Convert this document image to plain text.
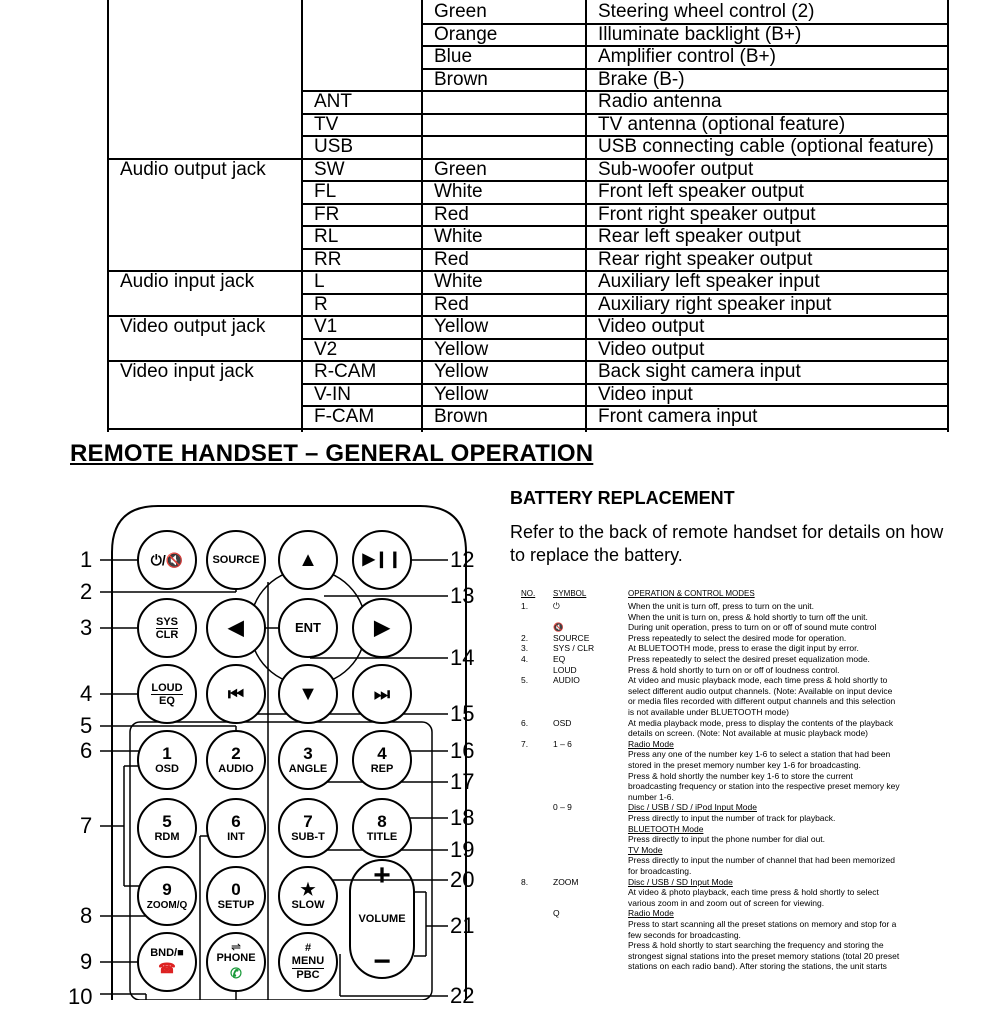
Green	Steering wheel control (2)
Orange	Illuminate backlight (B+)
Blue	Amplifier control (B+)
Brown	Brake (B-)
ANT	Radio antenna
TV	TV antenna (optional feature)
USB	USB connecting cable (optional feature)
Audio output jack	SW	Green	Sub-woofer output
FL	White	Front left speaker output
FR	Red	Front right speaker output
RL	White	Rear left speaker output
RR	Red	Rear right speaker output
Audio input jack	L	White	Auxiliary left speaker input
R	Red	Auxiliary right speaker input
Video output jack	V1	Yellow	Video output
V2	Yellow	Video output
Video input jack	R-CAM	Yellow	Back sight camera input
V-IN	Yellow	Video input
F-CAM	Brown	Front camera input
REMOTE HANDSET – GENERAL OPERATION
⏻/🔇	SOURCE ▲	▶❙❙
SYS
CLR	◀	ENT	▶
LOUD
EQ	⏮	▼	⏭
1
OSD
2
AUDIO
3
ANGLE
4
REP
5
RDM
6
INT
7
SUB-T
8
TITLE
9
ZOOM/Q
0
SETUP
★
SLOW
+
VOLUME
−
BND/■
☎
⇌
PHONE
✆
#
MENU
PBC
1
2
3
4
5
6
7
8
9
10
12
13
14
15
16
17
18
19
20
21
22
BATTERY REPLACEMENT
Refer to the back of remote handset for details on how to replace the battery.
NO. SYMBOL	OPERATION & CONTROL MODES
1.	⏻	When the unit is turn off, press to turn on the unit.
When the unit is turn on, press & hold shortly to turn off the unit.
🔇	During unit operation, press to turn on or off of sound mute control
2.	SOURCE	Press repeatedly to select the desired mode for operation.
3.	SYS / CLR	At BLUETOOTH mode, press to erase the digit input by error.
4.	EQ	Press repeatedly to select the desired preset equalization mode.
LOUD	Press & hold shortly to turn on or off of loudness control.
5.	AUDIO	At video and music playback mode, each time press & hold shortly to
select different audio output channels. (Note: Available on input device
or media files recorded with different output channels and this selection
is not available under BLUETOOTH mode)
6.	OSD	At media playback mode, press to display the contents of the playback
details on screen. (Note: Not available at music playback mode)
7.	1 – 6	Radio Mode
Press any one of the number key 1-6 to select a station that had been
stored in the preset memory number key 1-6 for broadcasting.
Press & hold shortly the number key 1-6 to store the current
broadcasting frequency or station into the respective preset memory key
number 1-6.
0 – 9	Disc / USB / SD / iPod Input Mode
Press directly to input the number of track for playback.
BLUETOOTH Mode
Press directly to input the phone number for dial out.
TV Mode
Press directly to input the number of channel that had been memorized
for broadcasting.
8.	ZOOM	Disc / USB / SD Input Mode
At video & photo playback, each time press & hold shortly to select
various zoom in and zoom out of screen for viewing.
Q	Radio Mode
Press to start scanning all the preset stations on memory and stop for a
few seconds for broadcasting.
Press & hold shortly to start searching the frequency and storing the
strongest signal stations into the preset memory stations (total 20 preset
stations on each radio band). After storing the stations, the unit starts
